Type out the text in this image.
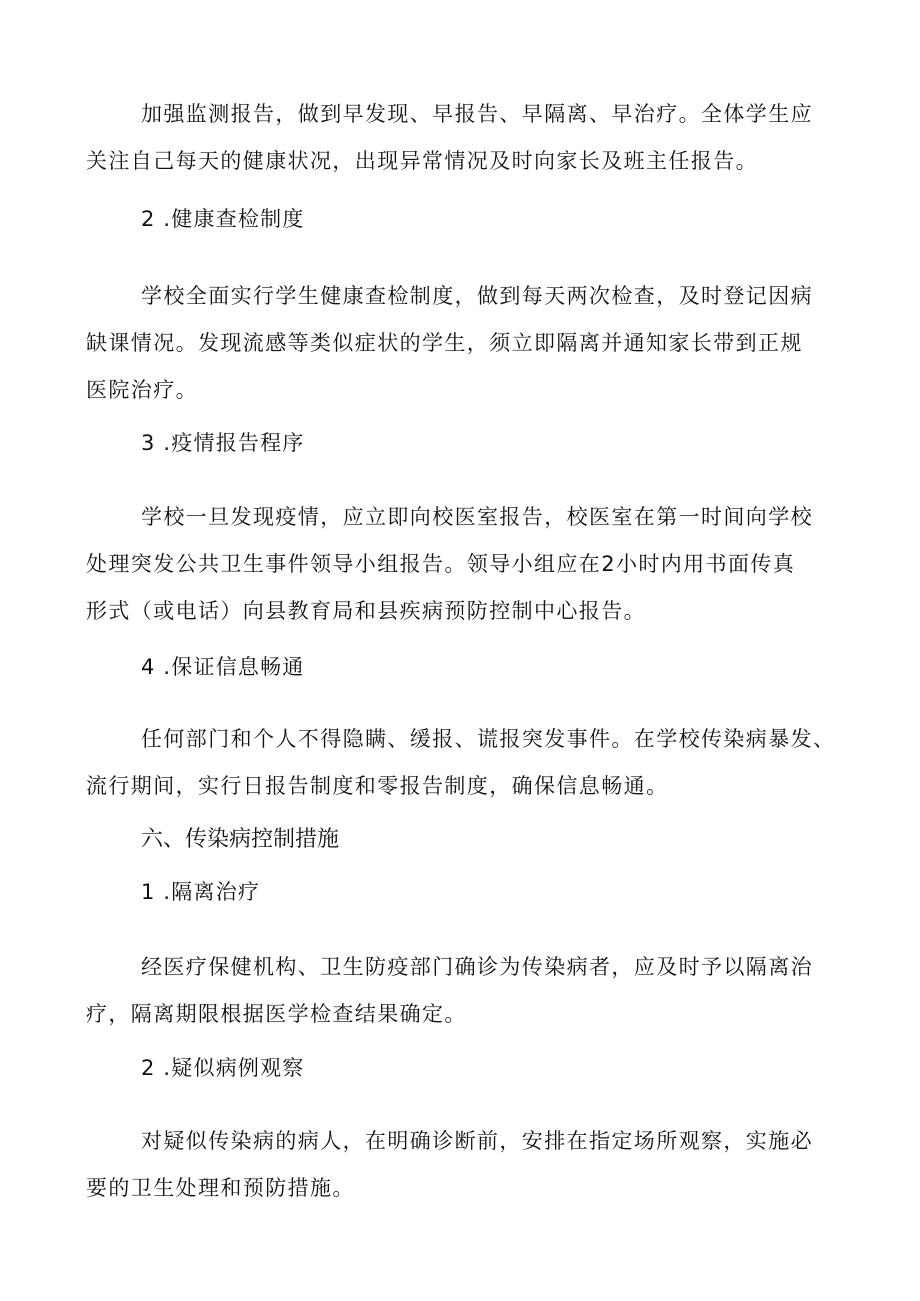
加强监测报告，做到早发现、早报告、早隔离、早治疗。全体学生应
关注自己每天的健康状况，出现异常情况及时向家长及班主任报告。
2 .健康查检制度
学校全面实行学生健康查检制度，做到每天两次检查，及时登记因病
缺课情况。发现流感等类似症状的学生，须立即隔离并通知家长带到正规
医院治疗。
3 .疫情报告程序
学校一旦发现疫情，应立即向校医室报告，校医室在第一时间向学校
处理突发公共卫生事件领导小组报告。领导小组应在2小时内用书面传真
形式（或电话）向县教育局和县疾病预防控制中心报告。
4 .保证信息畅通
任何部门和个人不得隐瞒、缓报、谎报突发事件。在学校传染病暴发、
流行期间，实行日报告制度和零报告制度，确保信息畅通。
六、传染病控制措施
1 .隔离治疗
经医疗保健机构、卫生防疫部门确诊为传染病者，应及时予以隔离治
疗，隔离期限根据医学检查结果确定。
2 .疑似病例观察
对疑似传染病的病人，在明确诊断前，安排在指定场所观察，实施必
要的卫生处理和预防措施。
